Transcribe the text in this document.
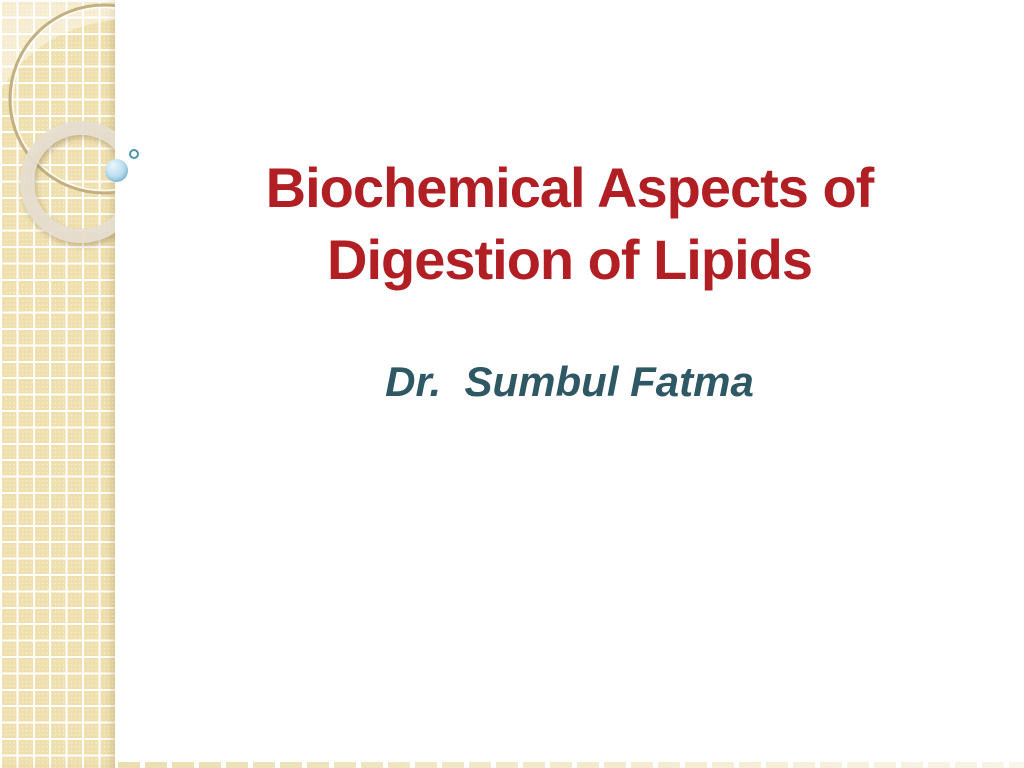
Biochemical Aspects of
Digestion of Lipids
Dr.  Sumbul Fatma
